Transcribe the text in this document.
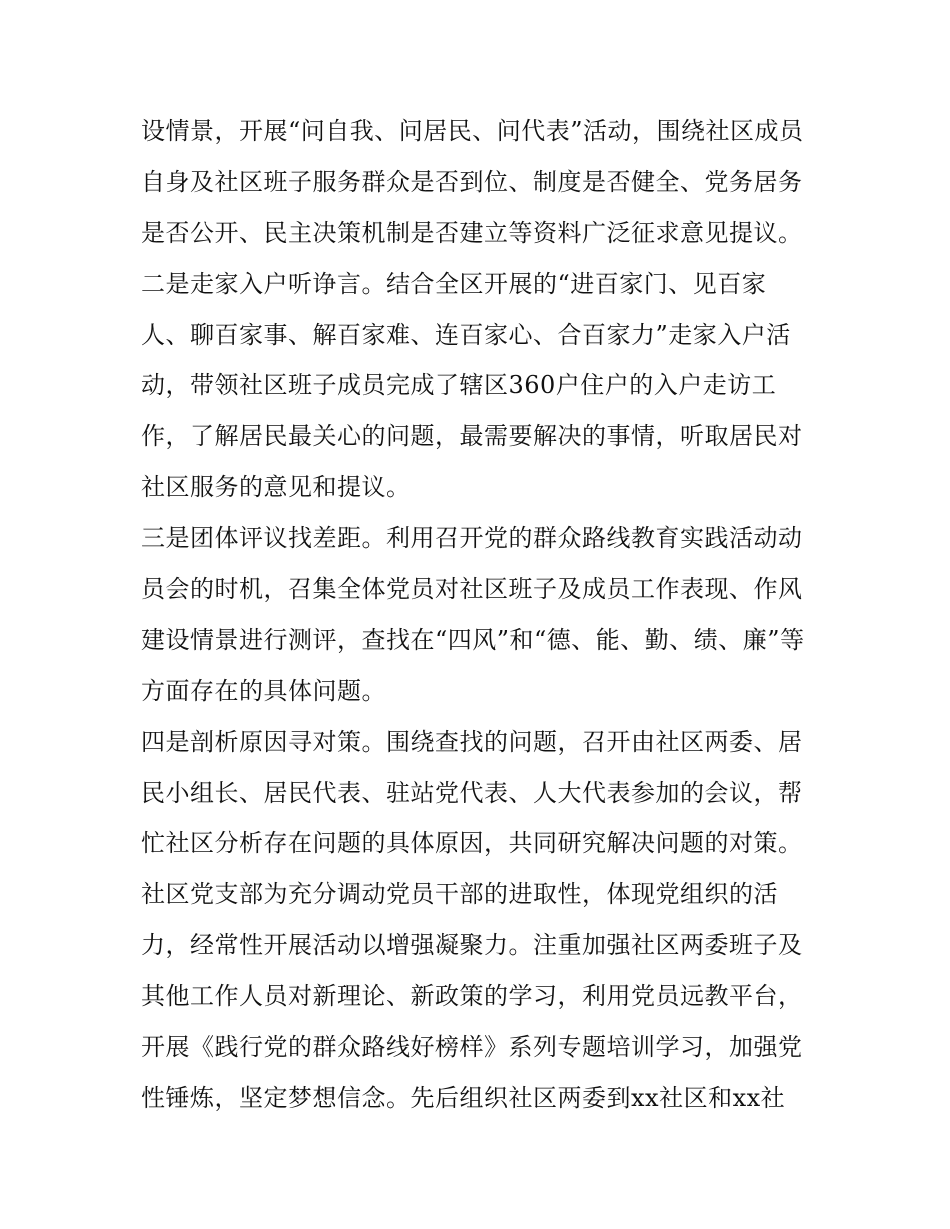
设情景，开展“问自我、问居民、问代表”活动，围绕社区成员
自身及社区班子服务群众是否到位、制度是否健全、党务居务
是否公开、民主决策机制是否建立等资料广泛征求意见提议。
二是走家入户听诤言。结合全区开展的“进百家门、见百家
人、聊百家事、解百家难、连百家心、合百家力”走家入户活
动，带领社区班子成员完成了辖区360户住户的入户走访工
作，了解居民最关心的问题，最需要解决的事情，听取居民对
社区服务的意见和提议。
三是团体评议找差距。利用召开党的群众路线教育实践活动动
员会的时机，召集全体党员对社区班子及成员工作表现、作风
建设情景进行测评，查找在“四风”和“德、能、勤、绩、廉”等
方面存在的具体问题。
四是剖析原因寻对策。围绕查找的问题，召开由社区两委、居
民小组长、居民代表、驻站党代表、人大代表参加的会议，帮
忙社区分析存在问题的具体原因，共同研究解决问题的对策。
社区党支部为充分调动党员干部的进取性，体现党组织的活
力，经常性开展活动以增强凝聚力。注重加强社区两委班子及
其他工作人员对新理论、新政策的学习，利用党员远教平台，
开展《践行党的群众路线好榜样》系列专题培训学习，加强党
性锤炼，坚定梦想信念。先后组织社区两委到xx社区和xx社
